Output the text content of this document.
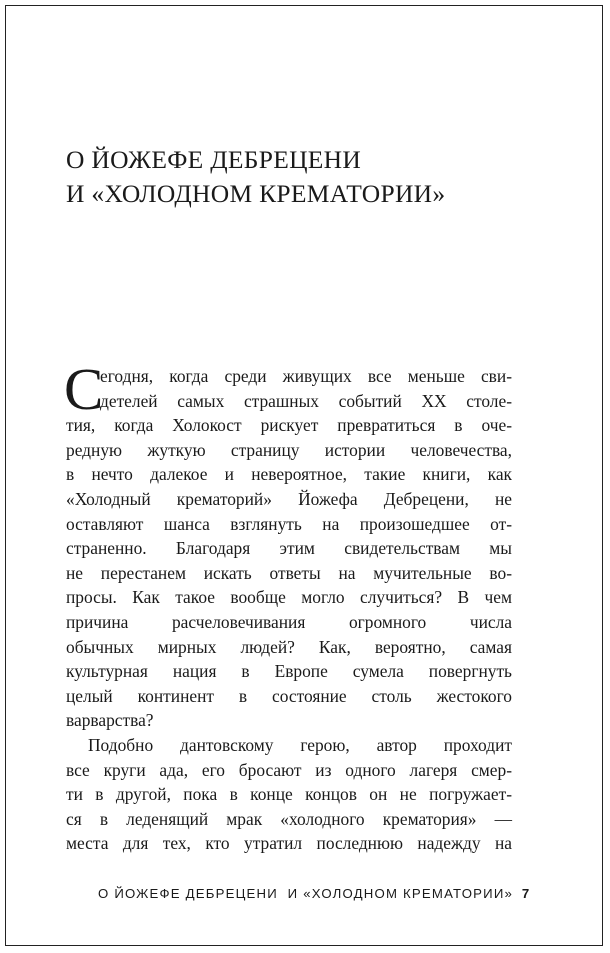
О ЙОЖЕФЕ ДЕБРЕЦЕНИ
И «ХОЛОДНОМ КРЕМАТОРИИ»
С
егодня, когда среди живущих все меньше сви-
детелей самых страшных событий XX столе-
тия, когда Холокост рискует превратиться в оче-
редную жуткую страницу истории человечества,
в нечто далекое и невероятное, такие книги, как
«Холодный крематорий» Йожефа Дебрецени, не
оставляют шанса взглянуть на произошедшее от-
страненно. Благодаря этим свидетельствам мы
не перестанем искать ответы на мучительные во-
просы. Как такое вообще могло случиться? В чем
причина расчеловечивания огромного числа
обычных мирных людей? Как, вероятно, самая
культурная нация в Европе сумела повергнуть
целый континент в состояние столь жестокого
варварства?
Подобно дантовскому герою, автор проходит
все круги ада, его бросают из одного лагеря смер-
ти в другой, пока в конце концов он не погружает-
ся в леденящий мрак «холодного крематория» —
места для тех, кто утратил последнюю надежду на
О ЙОЖЕФЕ ДЕБРЕЦЕНИ  И «ХОЛОДНОМ КРЕМАТОРИИ» 7
